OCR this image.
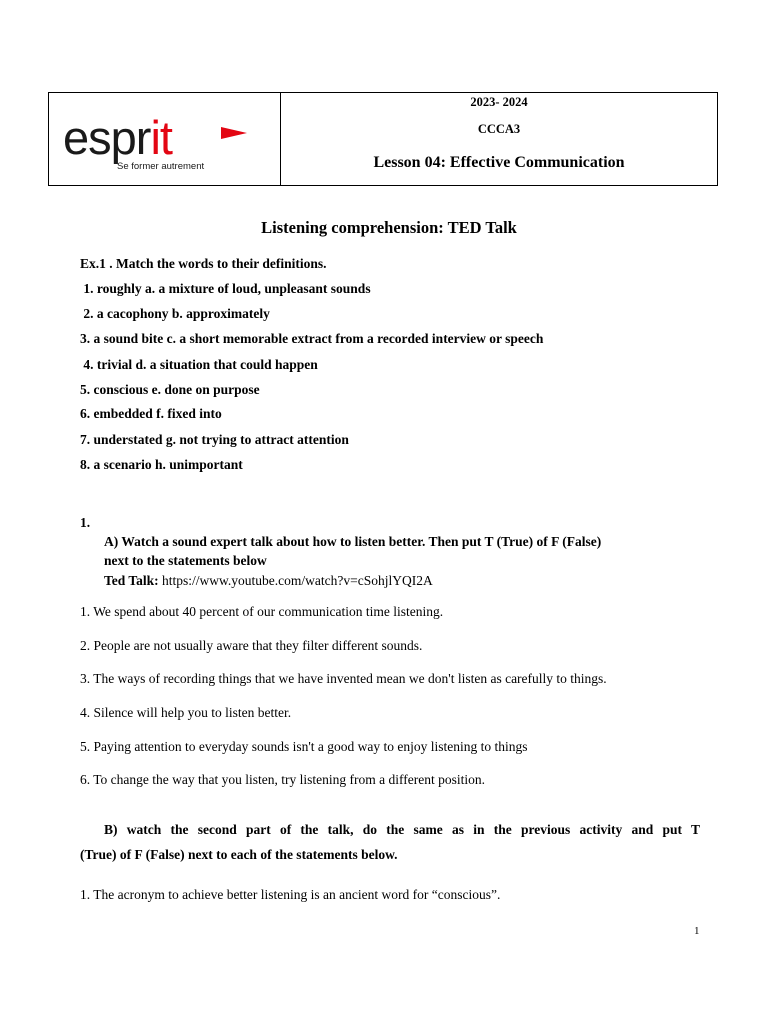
esprit
Se former autrement
2023- 2024
CCCA3
Lesson 04: Effective Communication
Listening comprehension: TED Talk
Ex.1 . Match the words to their definitions.
1. roughly a. a mixture of loud, unpleasant sounds
2. a cacophony b. approximately
3. a sound bite c. a short memorable extract from a recorded interview or speech
4. trivial d. a situation that could happen
5. conscious e. done on purpose
6. embedded f. fixed into
7. understated g. not trying to attract attention
8. a scenario h. unimportant
1.
A) Watch a sound expert talk about how to listen better. Then put T (True) of F (False)
next to the statements below
Ted Talk: https://www.youtube.com/watch?v=cSohjlYQI2A
1. We spend about 40 percent of our communication time listening.
2. People are not usually aware that they filter different sounds.
3. The ways of recording things that we have invented mean we don't listen as carefully to things.
4. Silence will help you to listen better.
5. Paying attention to everyday sounds isn't a good way to enjoy listening to things
6. To change the way that you listen, try listening from a different position.
B) watch the second part of the talk, do the same as in the previous activity and put T
(True) of F (False) next to each of the statements below.
1. The acronym to achieve better listening is an ancient word for “conscious”.
1
